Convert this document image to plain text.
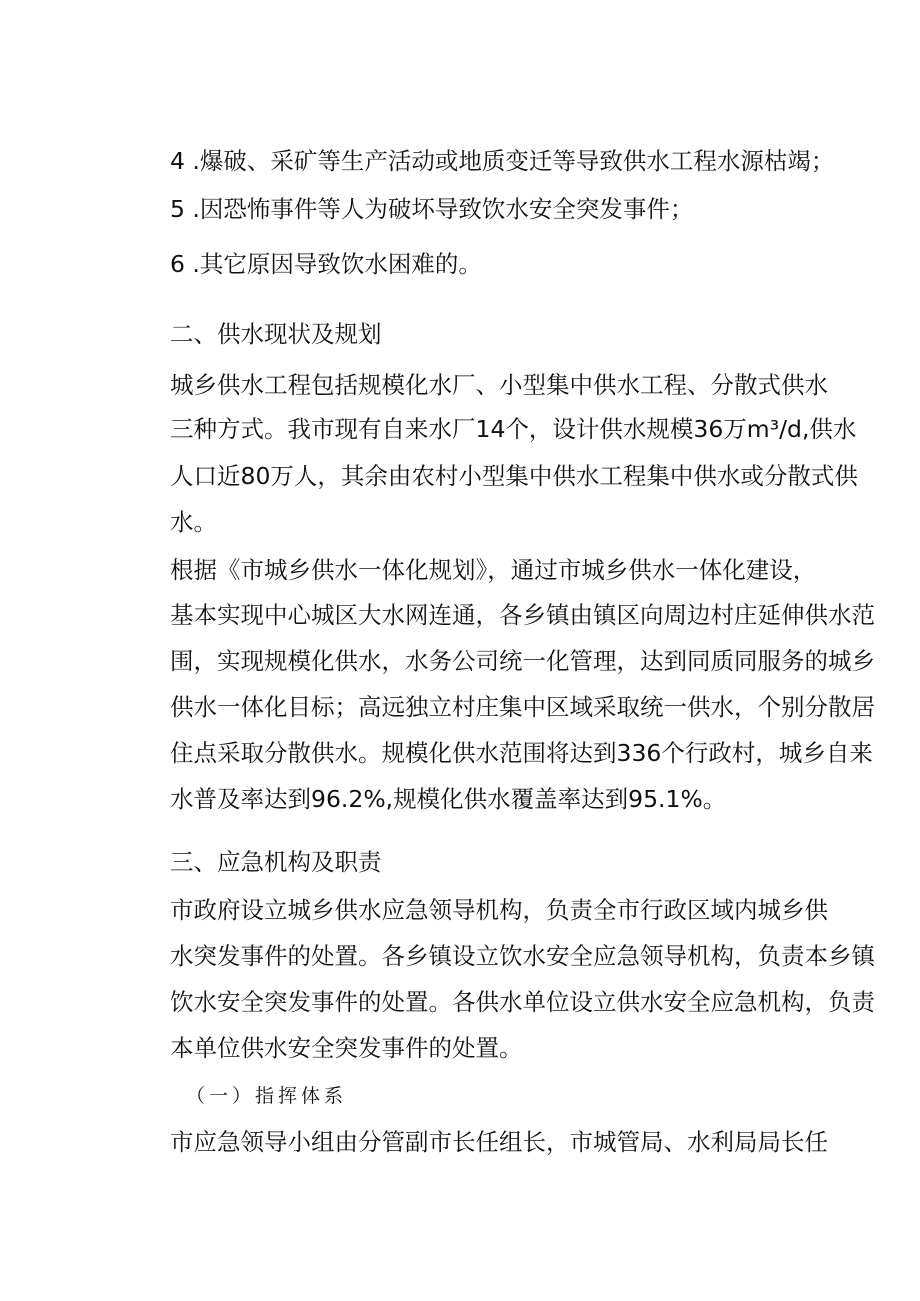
4 .爆破、采矿等生产活动或地质变迁等导致供水工程水源枯竭；

5 .因恐怖事件等人为破坏导致饮水安全突发事件；

6 .其它原因导致饮水困难的。

二、供水现状及规划

城乡供水工程包括规模化水厂、小型集中供水工程、分散式供水

三种方式。我市现有自来水厂14个，设计供水规模36万m³/d,供水

人口近80万人，其余由农村小型集中供水工程集中供水或分散式供

水。

根据《市城乡供水一体化规划》，通过市城乡供水一体化建设，

基本实现中心城区大水网连通，各乡镇由镇区向周边村庄延伸供水范

围，实现规模化供水，水务公司统一化管理，达到同质同服务的城乡

供水一体化目标；高远独立村庄集中区域采取统一供水，个别分散居

住点采取分散供水。规模化供水范围将达到336个行政村，城乡自来

水普及率达到96.2%,规模化供水覆盖率达到95.1%。

三、应急机构及职责

市政府设立城乡供水应急领导机构，负责全市行政区域内城乡供

水突发事件的处置。各乡镇设立饮水安全应急领导机构，负责本乡镇

饮水安全突发事件的处置。各供水单位设立供水安全应急机构，负责

本单位供水安全突发事件的处置。

（一）指挥体系

市应急领导小组由分管副市长任组长，市城管局、水利局局长任
